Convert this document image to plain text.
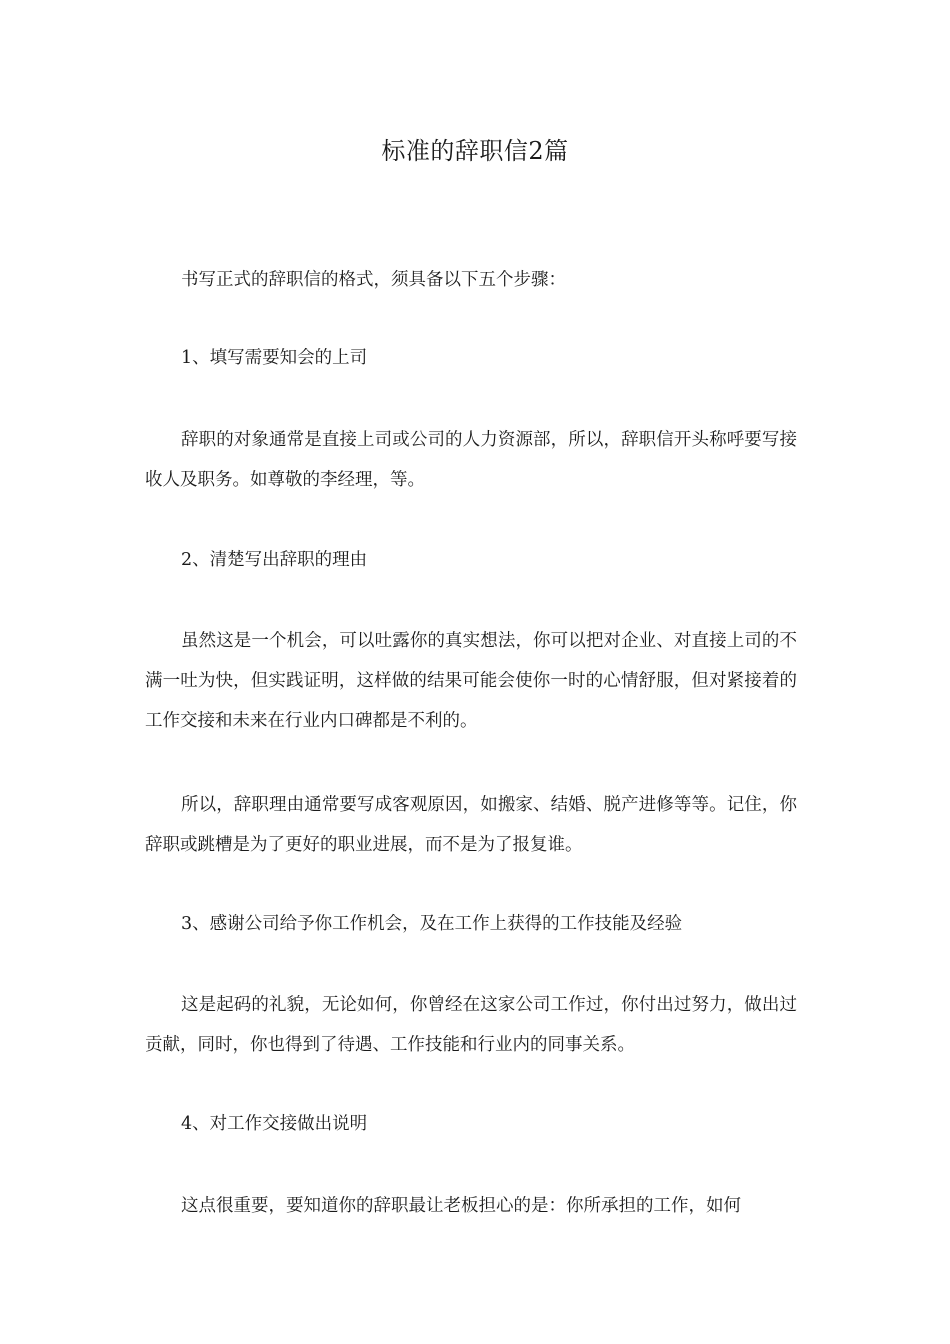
标准的辞职信2篇

书写正式的辞职信的格式，须具备以下五个步骤：

1、填写需要知会的上司

辞职的对象通常是直接上司或公司的人力资源部，所以，辞职信开头称呼要写接收人及职务。如尊敬的李经理，等。

2、清楚写出辞职的理由

虽然这是一个机会，可以吐露你的真实想法，你可以把对企业、对直接上司的不满一吐为快，但实践证明，这样做的结果可能会使你一时的心情舒服，但对紧接着的工作交接和未来在行业内口碑都是不利的。

所以，辞职理由通常要写成客观原因，如搬家、结婚、脱产进修等等。记住，你辞职或跳槽是为了更好的职业进展，而不是为了报复谁。

3、感谢公司给予你工作机会，及在工作上获得的工作技能及经验

这是起码的礼貌，无论如何，你曾经在这家公司工作过，你付出过努力，做出过贡献，同时，你也得到了待遇、工作技能和行业内的同事关系。

4、对工作交接做出说明

这点很重要，要知道你的辞职最让老板担心的是：你所承担的工作，如何
